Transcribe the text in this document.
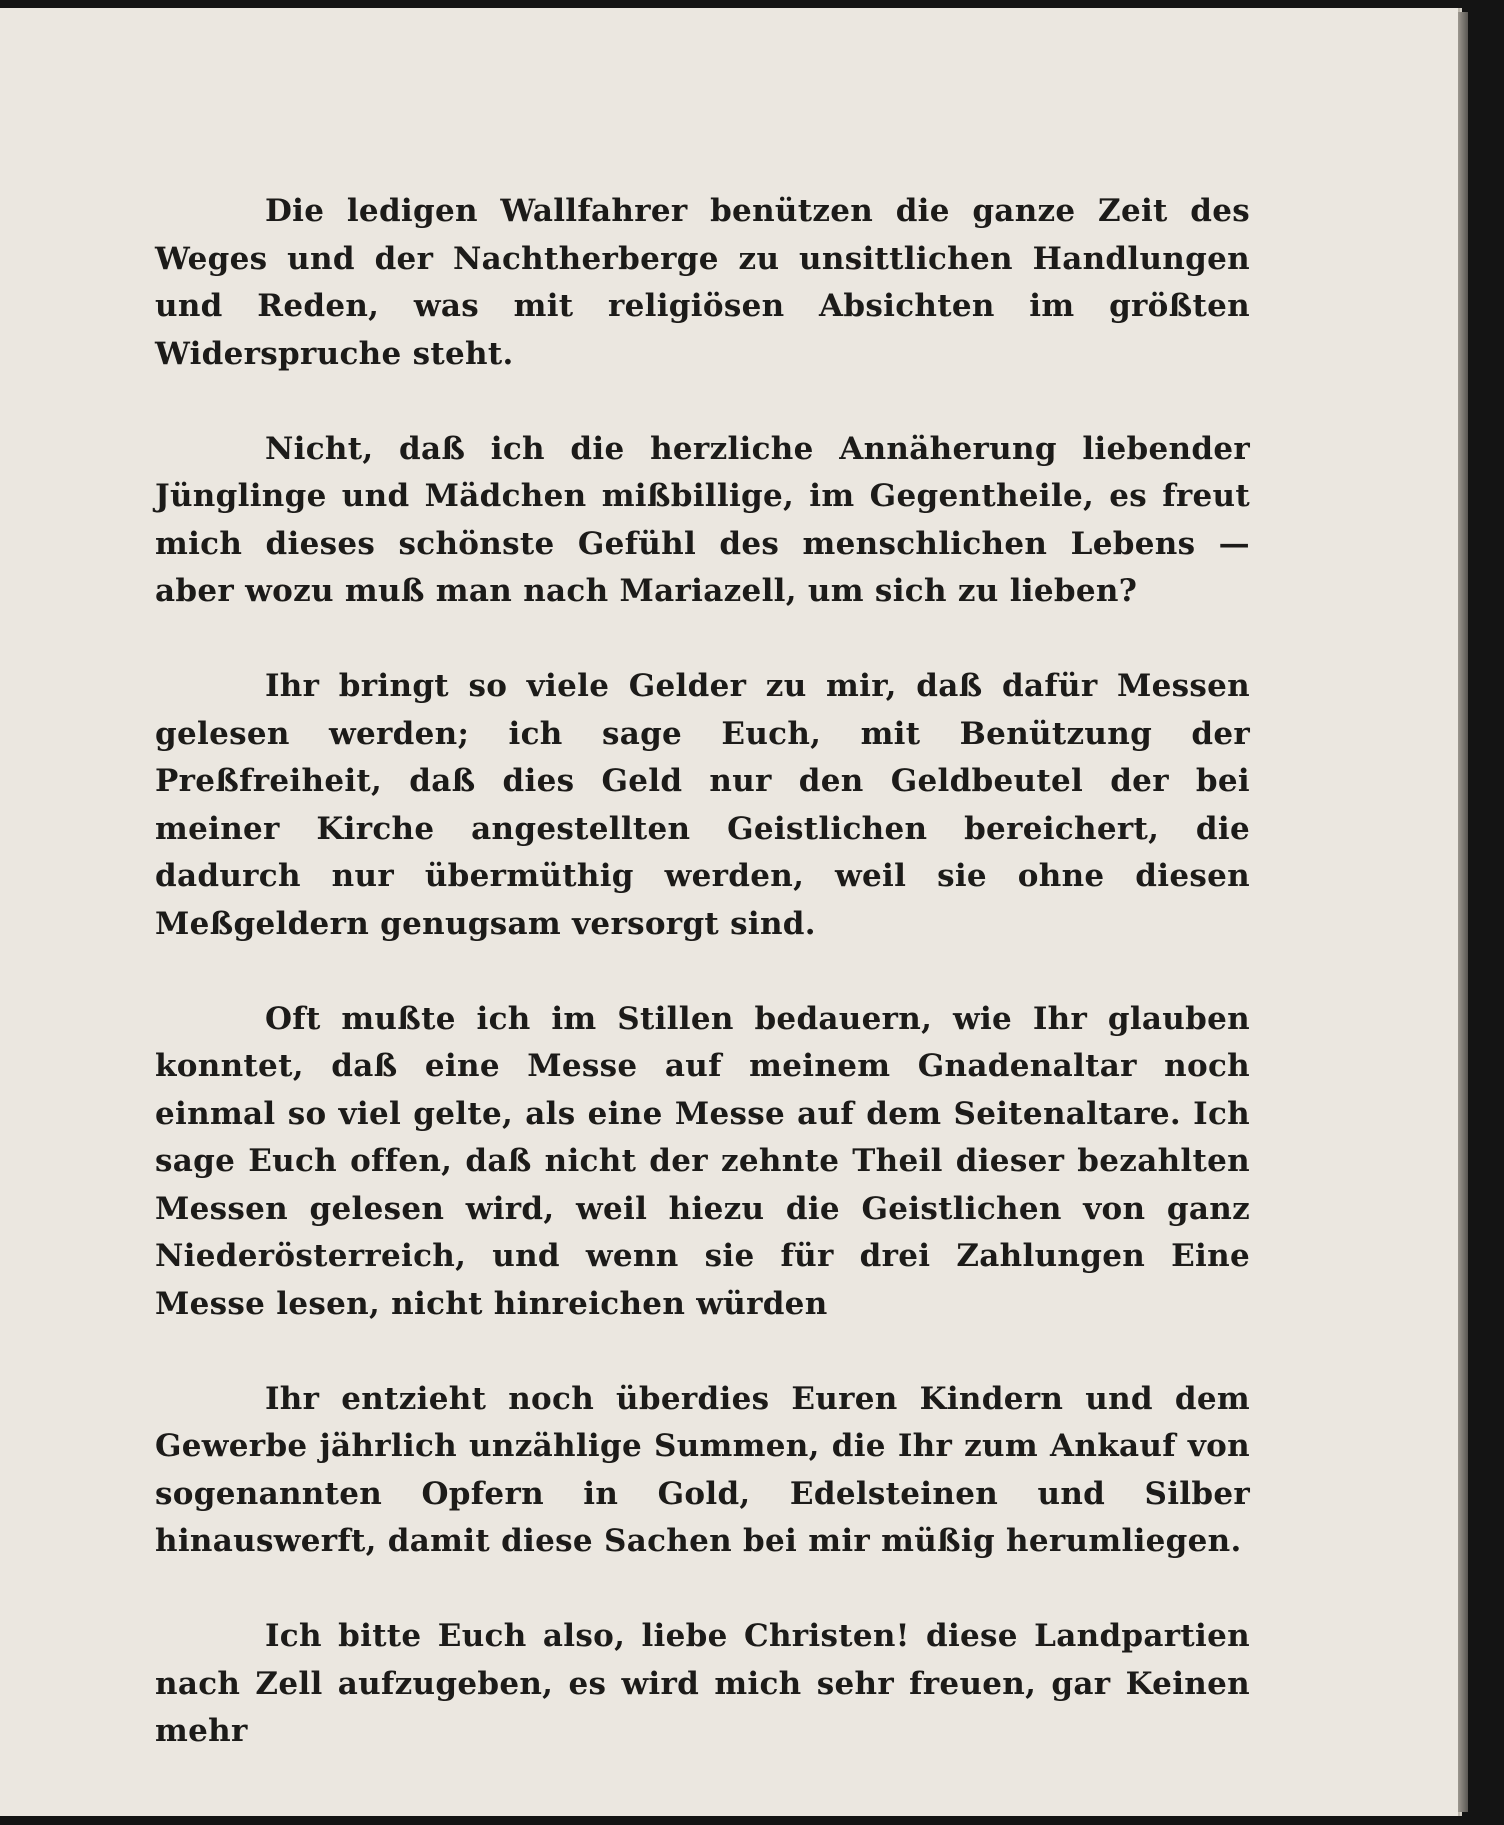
Die ledigen Wallfahrer benützen die ganze Zeit des Weges und der Nachtherberge zu unsittlichen Handlungen und Reden, was mit religiösen Absichten im größten Widerspruche steht.

Nicht, daß ich die herzliche Annäherung liebender Jünglinge und Mädchen mißbillige, im Gegentheile, es freut mich dieses schönste Gefühl des menschlichen Lebens — aber wozu muß man nach Mariazell, um sich zu lieben?

Ihr bringt so viele Gelder zu mir, daß dafür Messen gelesen werden; ich sage Euch, mit Benützung der Preßfreiheit, daß dies Geld nur den Geldbeutel der bei meiner Kirche angestellten Geistlichen bereichert, die dadurch nur übermüthig werden, weil sie ohne diesen Meßgeldern genugsam versorgt sind.

Oft mußte ich im Stillen bedauern, wie Ihr glauben konntet, daß eine Messe auf meinem Gnadenaltar noch einmal so viel gelte, als eine Messe auf dem Seitenaltare. Ich sage Euch offen, daß nicht der zehnte Theil dieser bezahlten Messen gelesen wird, weil hiezu die Geistlichen von ganz Niederösterreich, und wenn sie für drei Zahlungen Eine Messe lesen, nicht hinreichen würden

Ihr entzieht noch überdies Euren Kindern und dem Gewerbe jährlich unzählige Summen, die Ihr zum Ankauf von sogenannten Opfern in Gold, Edelsteinen und Silber hinauswerft, damit diese Sachen bei mir müßig herumliegen.

Ich bitte Euch also, liebe Christen! diese Landpartien nach Zell aufzugeben, es wird mich sehr freuen, gar Keinen mehr
